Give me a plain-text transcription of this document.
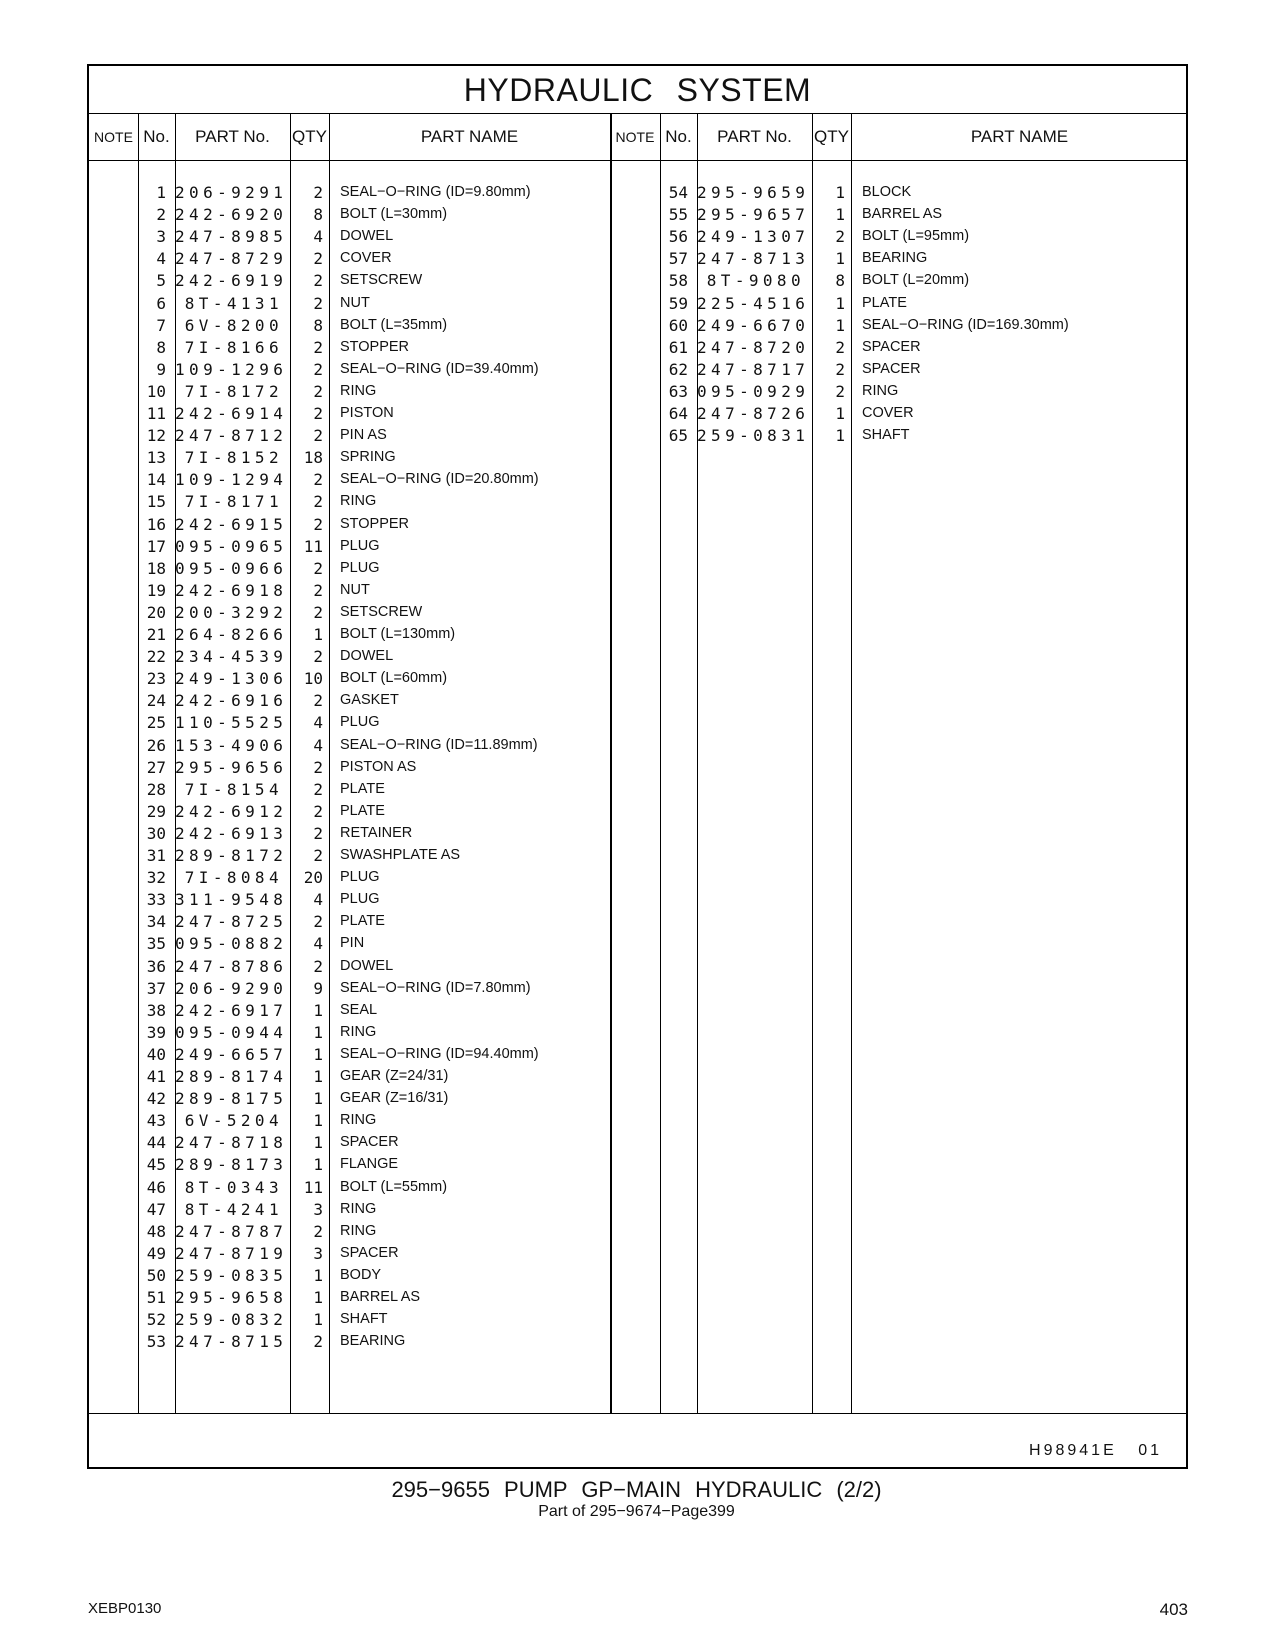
HYDRAULIC SYSTEM
NOTE No.	PART No.	QTY	PART NAME	NOTE No.	PART No.	QTY	PART NAME
1 206-9291	2 SEAL−O−RING (ID=9.80mm)
2 242-6920	8 BOLT (L=30mm)
3 247-8985	4 DOWEL
4 247-8729	2 COVER
5 242-6919	2 SETSCREW
6	8T-4131	2 NUT
7	6V-8200	8 BOLT (L=35mm)
8	7I-8166	2 STOPPER
9 109-1296	2 SEAL−O−RING (ID=39.40mm)
10	7I-8172	2 RING
11 242-6914	2 PISTON
12 247-8712	2 PIN AS
13	7I-8152	18 SPRING
14 109-1294	2 SEAL−O−RING (ID=20.80mm)
15	7I-8171	2 RING
16 242-6915	2 STOPPER
17 095-0965	11 PLUG
18 095-0966	2 PLUG
19 242-6918	2 NUT
20 200-3292	2 SETSCREW
21 264-8266	1 BOLT (L=130mm)
22 234-4539	2 DOWEL
23 249-1306	10 BOLT (L=60mm)
24 242-6916	2 GASKET
25 110-5525	4 PLUG
26 153-4906	4 SEAL−O−RING (ID=11.89mm)
27 295-9656	2 PISTON AS
28	7I-8154	2 PLATE
29 242-6912	2 PLATE
30 242-6913	2 RETAINER
31 289-8172	2 SWASHPLATE AS
32	7I-8084	20 PLUG
33 311-9548	4 PLUG
34 247-8725	2 PLATE
35 095-0882	4 PIN
36 247-8786	2 DOWEL
37 206-9290	9 SEAL−O−RING (ID=7.80mm)
38 242-6917	1 SEAL
39 095-0944	1 RING
40 249-6657	1 SEAL−O−RING (ID=94.40mm)
41 289-8174	1 GEAR (Z=24/31)
42 289-8175	1 GEAR (Z=16/31)
43	6V-5204	1 RING
44 247-8718	1 SPACER
45 289-8173	1 FLANGE
46	8T-0343	11 BOLT (L=55mm)
47	8T-4241	3 RING
48 247-8787	2 RING
49 247-8719	3 SPACER
50 259-0835	1 BODY
51 295-9658	1 BARREL AS
52 259-0832	1 SHAFT
53 247-8715	2 BEARING
54 295-9659	1 BLOCK
55 295-9657	1 BARREL AS
56 249-1307	2 BOLT (L=95mm)
57 247-8713	1 BEARING
58	8T-9080	8 BOLT (L=20mm)
59 225-4516	1 PLATE
60 249-6670	1 SEAL−O−RING (ID=169.30mm)
61 247-8720	2 SPACER
62 247-8717	2 SPACER
63 095-0929	2 RING
64 247-8726	1 COVER
65 259-0831	1 SHAFT
H98941E 01
295−9655 PUMP GP−MAIN HYDRAULIC (2/2)
Part of 295−9674−Page399
XEBP0130	403
